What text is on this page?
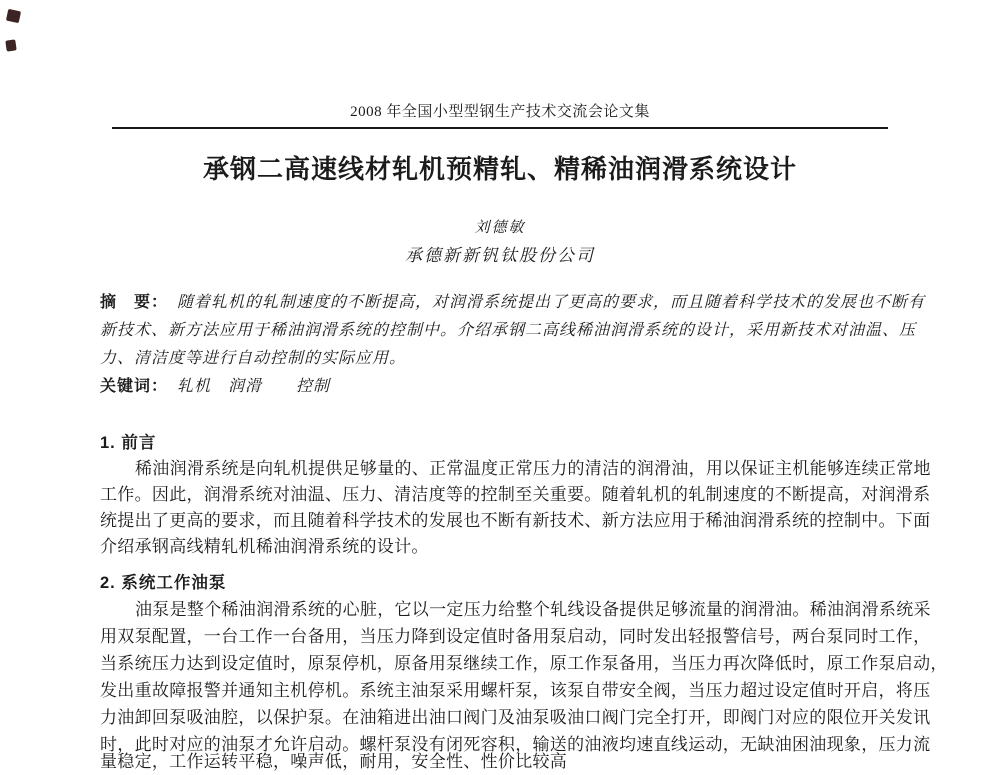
2008 年全国小型型钢生产技术交流会论文集
承钢二高速线材轧机预精轧、精稀油润滑系统设计
刘德敏
承德新新钒钛股份公司
摘　要： 随着轧机的轧制速度的不断提高，对润滑系统提出了更高的要求，而且随着科学技术的发展也不断有
新技术、新方法应用于稀油润滑系统的控制中。介绍承钢二高线稀油润滑系统的设计，采用新技术对油温、压
力、清洁度等进行自动控制的实际应用。
关键词： 轧机　润滑　　控制
1. 前言
稀油润滑系统是向轧机提供足够量的、正常温度正常压力的清洁的润滑油，用以保证主机能够连续正常地
工作。因此，润滑系统对油温、压力、清洁度等的控制至关重要。随着轧机的轧制速度的不断提高，对润滑系
统提出了更高的要求，而且随着科学技术的发展也不断有新技术、新方法应用于稀油润滑系统的控制中。下面
介绍承钢高线精轧机稀油润滑系统的设计。
2. 系统工作油泵
油泵是整个稀油润滑系统的心脏，它以一定压力给整个轧线设备提供足够流量的润滑油。稀油润滑系统采
用双泵配置，一台工作一台备用，当压力降到设定值时备用泵启动，同时发出轻报警信号，两台泵同时工作，
当系统压力达到设定值时，原泵停机，原备用泵继续工作，原工作泵备用，当压力再次降低时，原工作泵启动，
发出重故障报警并通知主机停机。系统主油泵采用螺杆泵，该泵自带安全阀，当压力超过设定值时开启，将压
力油卸回泵吸油腔，以保护泵。在油箱进出油口阀门及油泵吸油口阀门完全打开，即阀门对应的限位开关发讯
时，此时对应的油泵才允许启动。螺杆泵没有闭死容积，输送的油液均速直线运动，无缺油困油现象，压力流
量稳定，工作运转平稳，噪声低，耐用，安全性、性价比较高
